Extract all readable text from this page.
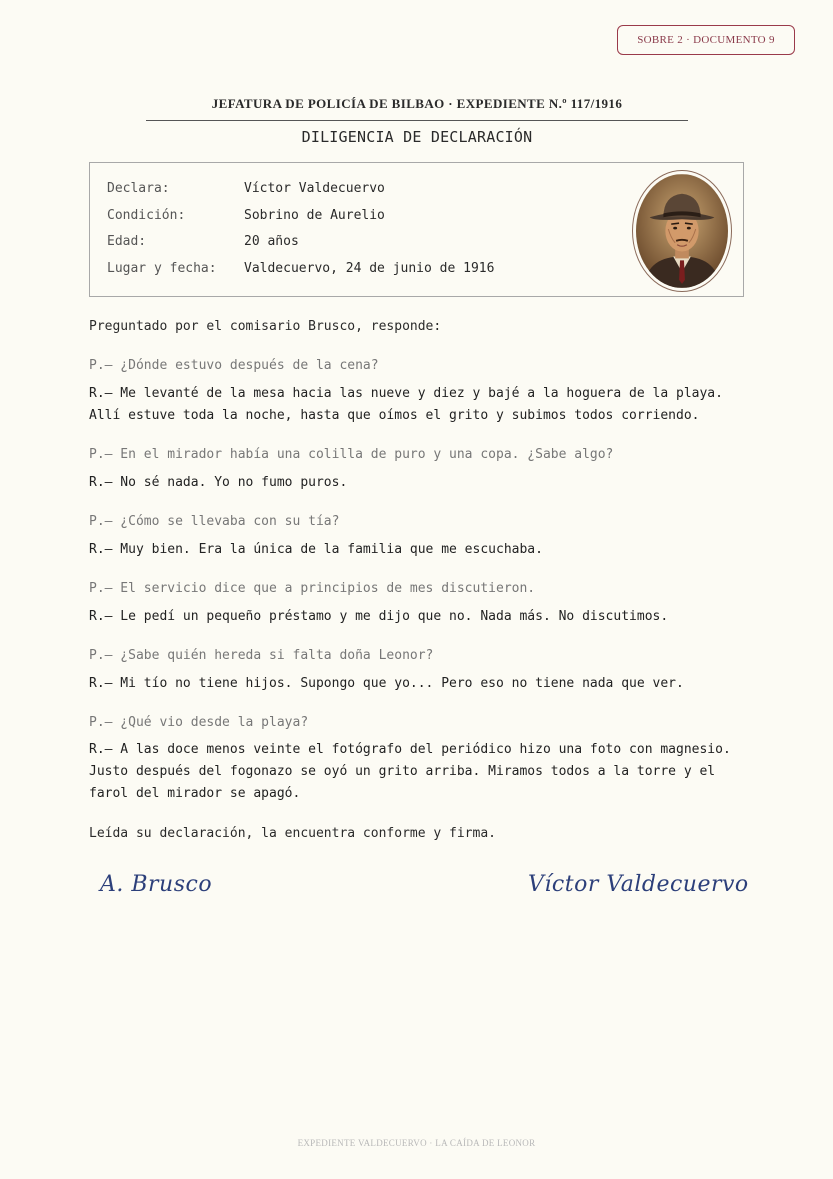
SOBRE 2 · DOCUMENTO 9
JEFATURA DE POLICÍA DE BILBAO · EXPEDIENTE N.º 117/1916
DILIGENCIA DE DECLARACIÓN
Declara:	Víctor Valdecuervo
Condición:	Sobrino de Aurelio
Edad:	20 años
Lugar y fecha:	Valdecuervo, 24 de junio de 1916
Preguntado por el comisario Brusco, responde:
P.— ¿Dónde estuvo después de la cena?
R.— Me levanté de la mesa hacia las nueve y diez y bajé a la hoguera de la playa. Allí estuve toda la noche, hasta que oímos el grito y subimos todos corriendo.
P.— En el mirador había una colilla de puro y una copa. ¿Sabe algo?
R.— No sé nada. Yo no fumo puros.
P.— ¿Cómo se llevaba con su tía?
R.— Muy bien. Era la única de la familia que me escuchaba.
P.— El servicio dice que a principios de mes discutieron.
R.— Le pedí un pequeño préstamo y me dijo que no. Nada más. No discutimos.
P.— ¿Sabe quién hereda si falta doña Leonor?
R.— Mi tío no tiene hijos. Supongo que yo... Pero eso no tiene nada que ver.
P.— ¿Qué vio desde la playa?
R.— A las doce menos veinte el fotógrafo del periódico hizo una foto con magnesio. Justo después del fogonazo se oyó un grito arriba. Miramos todos a la torre y el farol del mirador se apagó.
Leída su declaración, la encuentra conforme y firma.
A. Brusco	Víctor Valdecuervo
EXPEDIENTE VALDECUERVO · LA CAÍDA DE LEONOR
